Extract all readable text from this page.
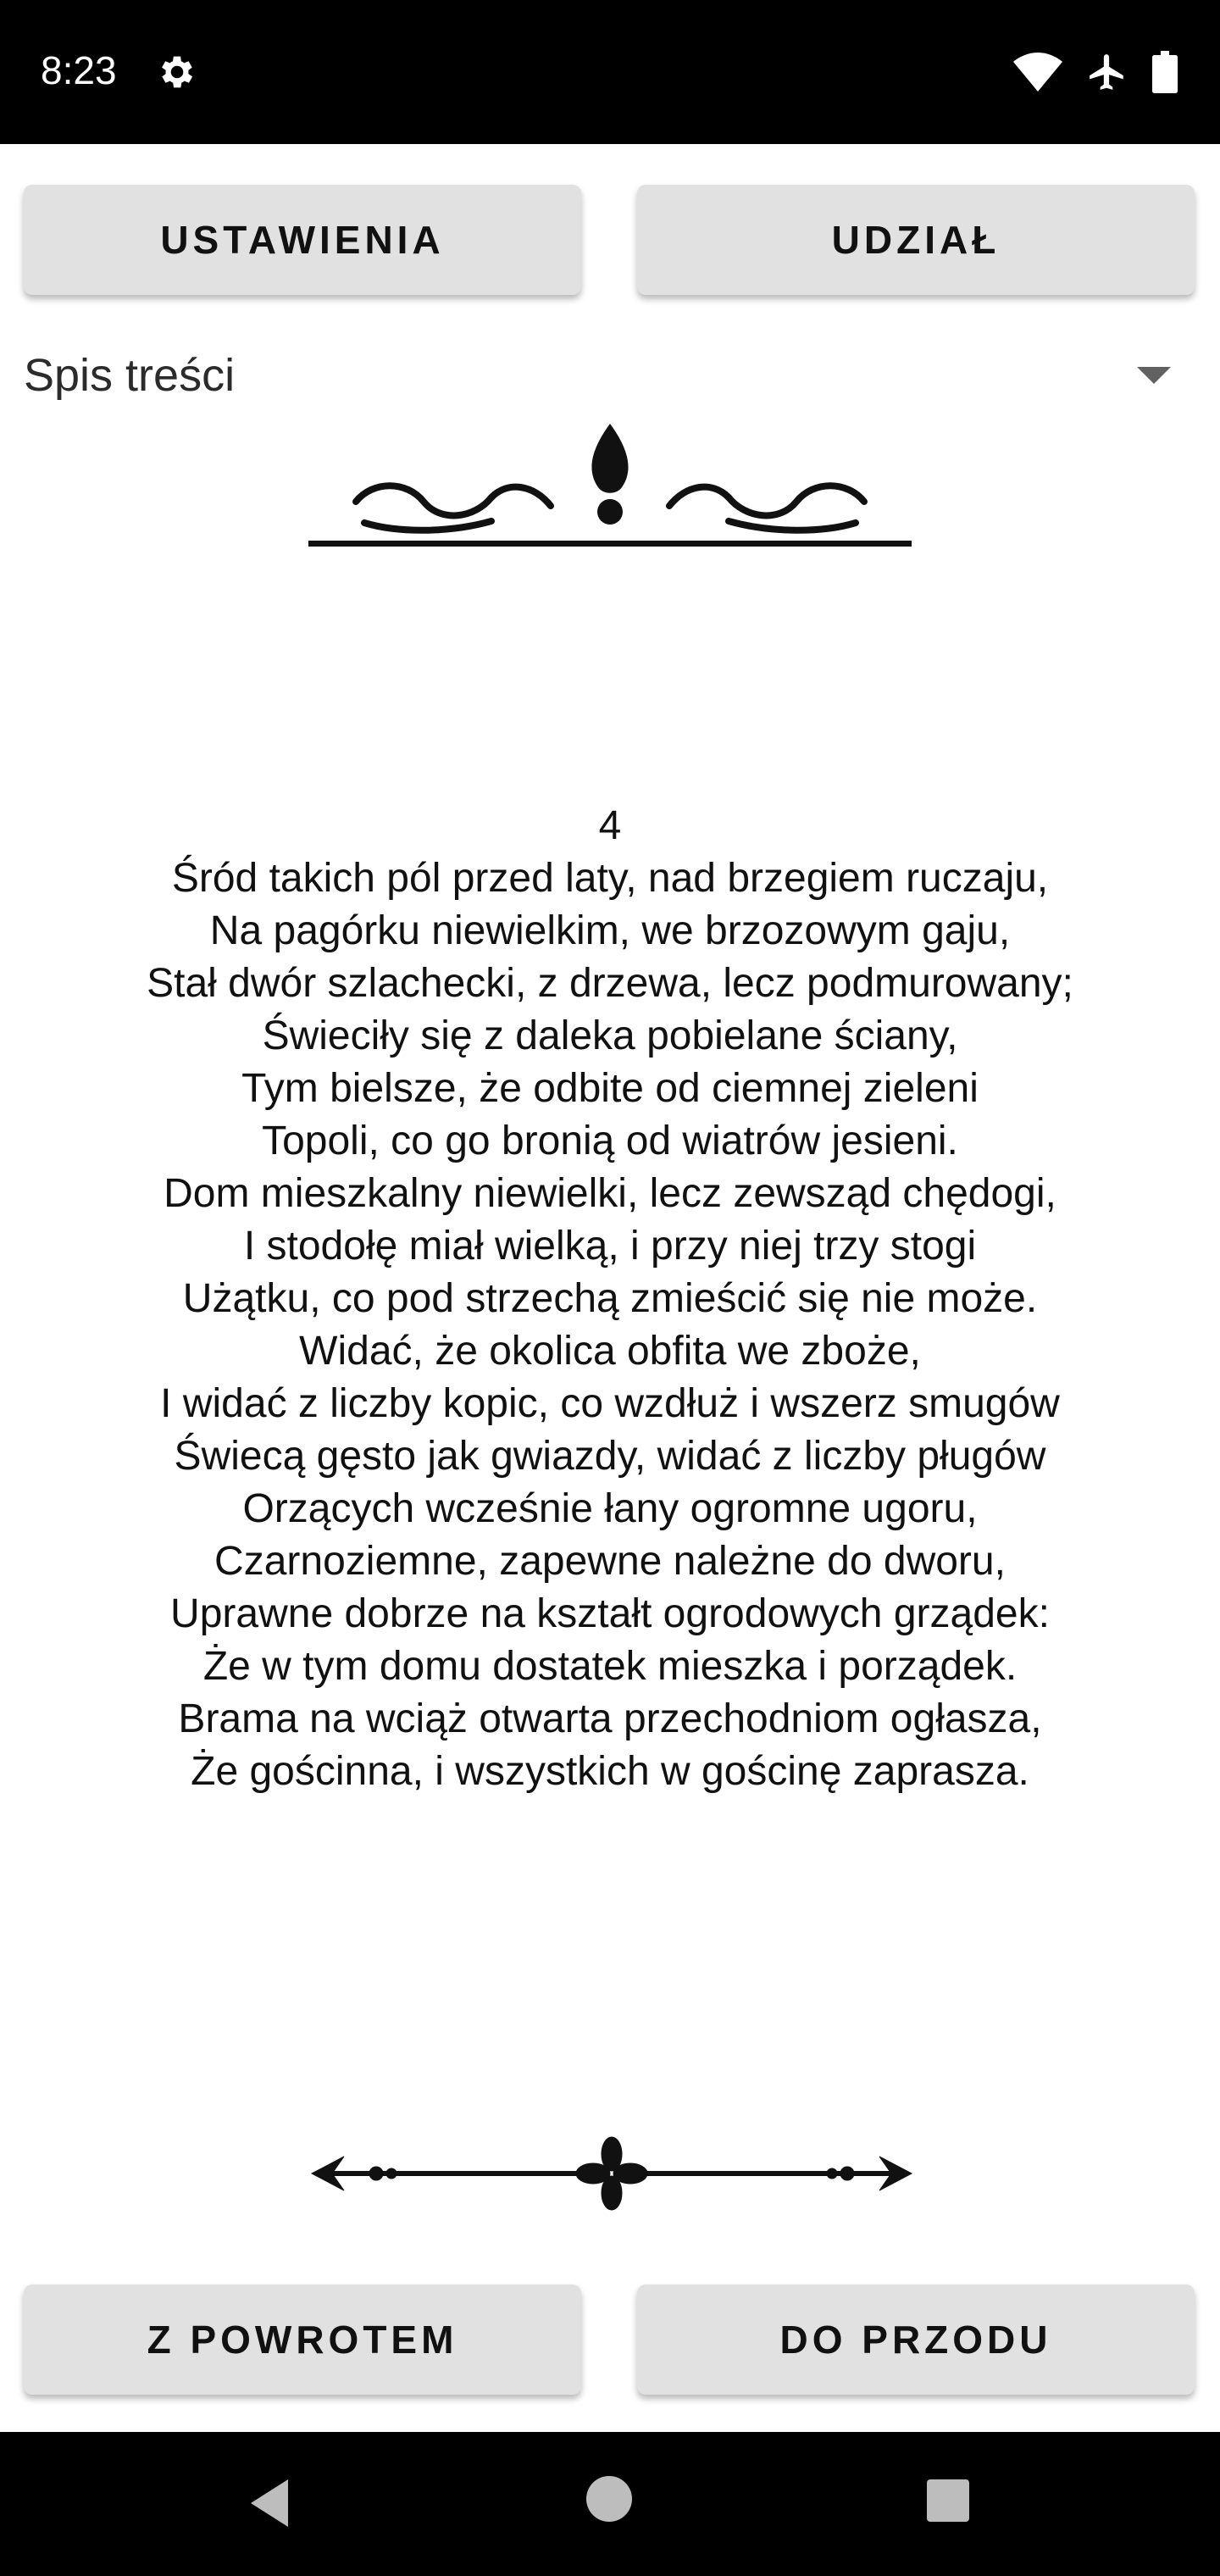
8:23
USTAWIENIA	UDZIAŁ
Spis treści
4
Śród takich pól przed laty, nad brzegiem ruczaju,
Na pagórku niewielkim, we brzozowym gaju,
Stał dwór szlachecki, z drzewa, lecz podmurowany;
Świeciły się z daleka pobielane ściany,
Tym bielsze, że odbite od ciemnej zieleni
Topoli, co go bronią od wiatrów jesieni.
Dom mieszkalny niewielki, lecz zewsząd chędogi,
I stodołę miał wielką, i przy niej trzy stogi
Użątku, co pod strzechą zmieścić się nie może.
Widać, że okolica obfita we zboże,
I widać z liczby kopic, co wzdłuż i wszerz smugów
Świecą gęsto jak gwiazdy, widać z liczby pługów
Orzących wcześnie łany ogromne ugoru,
Czarnoziemne, zapewne należne do dworu,
Uprawne dobrze na kształt ogrodowych grządek:
Że w tym domu dostatek mieszka i porządek.
Brama na wciąż otwarta przechodniom ogłasza,
Że gościnna, i wszystkich w gościnę zaprasza.
Z POWROTEM	DO PRZODU
